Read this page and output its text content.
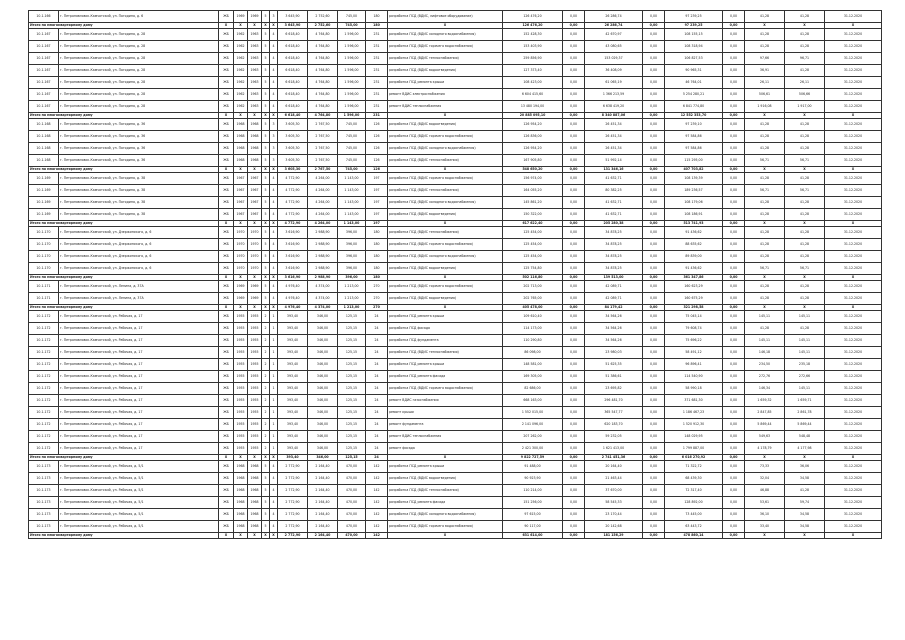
10.1.166	г. Петропавловск-Камчатский, ул. Погодина, д. 6	ЖБ	1969	1969	5	3	3 645,90	2 752,60	745,00	180	разработка ПСД (ВДИС, лифтовое оборудование)	126 476,20	0,00	26 286,74	0,00	97 239,25	0,00	41,28	41,28	31.12.2020
Итого по многоквартирному дому		X	X	X	X	X	3 645,90	2 752,60	745,00	180	X	126 476,20	0,00	26 286,74	0,00	97 239,25	0,00	X	X	X
10.1.167	г. Петропавловск-Камчатский, ул. Погодина, д. 28	ЖБ	1962	1963	5	4	6 618,40	4 764,80	1 596,00	231	разработка ПСД (ВДИС холодного водоснабжения)	152 428,30	0,00	42 670,97	0,00	108 155,15	0,00	41,28	41,28	31.12.2020
10.1.167	г. Петропавловск-Камчатский, ул. Погодина, д. 28	ЖБ	1962	1963	5	4	6 618,40	4 764,80	1 596,00	231	разработка ПСД (ВДИС горячего водоснабжения)	153 403,90	0,00	43 080,65	0,00	108 318,94	0,00	41,28	41,28	31.12.2020
10.1.167	г. Петропавловск-Камчатский, ул. Погодина, д. 28	ЖБ	1962	1963	5	4	6 618,40	4 764,80	1 596,00	231	разработка ПСД (ВДИС теплоснабжения)	259 856,90	0,00	153 029,37	0,00	106 827,53	0,00	97,66	96,71	31.12.2020
10.1.167	г. Петропавловск-Камчатский, ул. Погодина, д. 28	ЖБ	1962	1963	5	4	6 618,40	4 764,80	1 596,00	231	разработка ПСД (ВДИС водоотведения)	127 373,40	0,00	36 408,09	0,00	90 965,31	0,00	36,91	41,28	31.12.2020
10.1.167	г. Петропавловск-Камчатский, ул. Погодина, д. 28	ЖБ	1962	1963	5	4	6 618,40	4 764,80	1 596,00	231	разработка ПСД ремонта крыши	108 423,00	0,00	61 065,19	0,00	46 764,01	0,00	26,11	26,11	31.12.2020
10.1.167	г. Петропавловск-Камчатский, ул. Погодина, д. 28	ЖБ	1962	1963	5	4	6 618,40	4 764,80	1 596,00	231	ремонт ВДИС электроснабжения	6 604 415,60	0,00	1 366 213,59	0,00	5 254 280,21	0,00	506,61	506,66	31.12.2020
10.1.167	г. Петропавловск-Камчатский, ул. Погодина, д. 28	ЖБ	1962	1963	5	4	6 618,40	4 764,80	1 596,00	231	ремонт ВДИС теплоснабжения	13 480 194,00	0,00	6 638 419,20	0,00	6 841 774,80	0,00	1 916,08	1 917,00	31.12.2020
Итого по многоквартирному дому		X	X	X	X	X	6 618,40	4 764,80	1 596,00	231	X	20 885 095,10	0,00	8 340 887,06	0,00	12 552 353,70	0,00	X	X	X
10.1.168	г. Петропавловск-Камчатский, ул. Погодина, д. 36	ЖБ	1968	1968	5	3	3 605,30	2 767,50	745,00	126	разработка ПСД (ВДИС водоотведения)	126 954,20	0,00	26 451,34	0,00	97 239,10	0,00	41,28	41,28	31.12.2020
10.1.168	г. Петропавловск-Камчатский, ул. Погодина, д. 36	ЖБ	1968	1968	5	3	3 605,30	2 767,50	745,00	126	разработка ПСД (ВДИС горячего водоснабжения)	126 836,00	0,00	26 451,34	0,00	97 584,86	0,00	41,28	41,28	31.12.2020
10.1.168	г. Петропавловск-Камчатский, ул. Погодина, д. 36	ЖБ	1968	1968	5	3	3 605,30	2 767,50	745,00	126	разработка ПСД (ВДИС холодного водоснабжения)	126 954,20	0,00	26 451,34	0,00	97 584,86	0,00	41,28	41,28	31.12.2020
10.1.168	г. Петропавловск-Камчатский, ул. Погодина, д. 36	ЖБ	1968	1968	5	3	3 605,30	2 767,50	745,00	126	разработка ПСД (ВДИС теплоснабжения)	167 905,80	0,00	51 992,14	0,00	115 295,00	0,00	56,71	56,71	31.12.2020
Итого по многоквартирному дому		X	X	X	X	X	3 605,30	2 767,50	745,00	126	X	548 650,20	0,00	131 346,16	0,00	407 703,82	0,00	X	X	X
10.1.169	г. Петропавловск-Камчатский, ул. Погодина, д. 38	ЖБ	1967	1967	5	4	4 772,90	4 264,00	1 143,00	197	разработка ПСД (ВДИС горячего водоснабжения)	156 974,00	0,00	41 632,71	0,00	108 139,39	0,00	41,28	41,28	31.12.2020
10.1.169	г. Петропавловск-Камчатский, ул. Погодина, д. 38	ЖБ	1967	1967	5	4	4 772,90	4 264,00	1 143,00	197	разработка ПСД (ВДИС теплоснабжения)	164 055,20	0,00	80 382,25	0,00	189 236,57	0,00	56,71	56,71	31.12.2020
10.1.169	г. Петропавловск-Камчатский, ул. Погодина, д. 38	ЖБ	1967	1967	5	4	4 772,90	4 264,00	1 143,00	197	разработка ПСД (ВДИС холодного водоснабжения)	145 861,20	0,00	41 632,71	0,00	108 179,06	0,00	41,28	41,28	31.12.2020
10.1.169	г. Петропавловск-Камчатский, ул. Погодина, д. 38	ЖБ	1967	1967	5	4	4 772,90	4 264,00	1 143,00	197	разработка ПСД (ВДИС водоотведения)	150 322,00	0,00	41 632,71	0,00	108 186,91	0,00	41,28	41,28	31.12.2020
Итого по многоквартирному дому		X	X	X	X	X	4 772,90	4 264,00	1 143,00	197	X	617 622,40	0,00	205 280,38	0,00	513 741,93	0,00	X	X	X
10.1.170	г. Петропавловск-Камчатский, ул. Дзержинского, д. 6	ЖБ	1970	1970	5	4	3 616,90	2 988,90	396,00	180	разработка ПСД (ВДИС теплоснабжения)	125 454,00	0,00	34 878,25	0,00	91 436,62	0,00	41,28	41,28	31.12.2020
10.1.170	г. Петропавловск-Камчатский, ул. Дзержинского, д. 6	ЖБ	1970	1970	5	4	3 616,90	2 988,90	396,00	180	разработка ПСД (ВДИС горячего водоснабжения)	125 454,00	0,00	34 878,25	0,00	88 635,62	0,00	41,28	41,28	31.12.2020
10.1.170	г. Петропавловск-Камчатский, ул. Дзержинского, д. 6	ЖБ	1970	1970	5	4	3 616,90	2 988,90	396,00	180	разработка ПСД (ВДИС холодного водоснабжения)	125 454,00	0,00	34 878,25	0,00	89 839,00	0,00	41,28	41,28	31.12.2020
10.1.170	г. Петропавловск-Камчатский, ул. Дзержинского, д. 6	ЖБ	1970	1970	5	4	3 616,90	2 988,90	396,00	180	разработка ПСД (ВДИС водоотведения)	125 754,80	0,00	34 878,25	0,00	91 436,62	0,00	56,71	56,71	31.12.2020
Итого по многоквартирному дому		X	X	X	X	X	3 616,90	2 988,90	396,00	180	X	502 116,80	0,00	139 513,00	0,00	361 347,86	0,00	X	X	X
10.1.171	г. Петропавловск-Камчатский, ул. Ленина, д. 37А	ЖБ	1969	1969	5	4	4 976,40	4 374,00	1 213,00	270	разработка ПСД (ВДИС горячего водоснабжения)	202 713,00	0,00	42 089,71	0,00	160 623,29	0,00	41,28	41,28	31.12.2020
10.1.171	г. Петропавловск-Камчатский, ул. Ленина, д. 37А	ЖБ	1969	1969	5	4	4 976,40	4 374,00	1 213,00	270	разработка ПСД (ВДИС водоотведения)	202 765,00	0,00	42 089,71	0,00	160 675,29	0,00	41,28	41,28	31.12.2020
Итого по многоквартирному дому		X	X	X	X	X	4 976,40	4 374,00	1 213,00	270	X	405 478,00	0,00	84 179,42	0,00	321 298,58	0,00	X	X	X
10.1.172	г. Петропавловск-Камчатский, ул. Рабочая, д. 17	ЖБ	1955	1955	2	1	393,40	346,00	125,15	24	разработка ПСД ремонта крыши	109 610,40	0,00	34 564,26	0,00	75 045,14	0,00	145,11	145,11	31.12.2020
10.1.172	г. Петропавловск-Камчатский, ул. Рабочая, д. 17	ЖБ	1955	1955	2	1	393,40	346,00	125,15	24	разработка ПСД фасада	114 173,00	0,00	34 564,26	0,00	79 608,74	0,00	41,28	41,28	31.12.2020
10.1.172	г. Петропавловск-Камчатский, ул. Рабочая, д. 17	ЖБ	1955	1955	2	1	393,40	346,00	125,15	24	разработка ПСД фундамента	110 290,80	0,00	34 564,26	0,00	75 696,22	0,00	145,11	145,11	31.12.2020
10.1.172	г. Петропавловск-Камчатский, ул. Рабочая, д. 17	ЖБ	1955	1955	2	1	393,40	346,00	125,15	24	разработка ПСД (ВДИС теплоснабжения)	86 098,00	0,00	23 980,03	0,00	58 491,12	0,00	146,18	145,11	31.12.2020
10.1.172	г. Петропавловск-Камчатский, ул. Рабочая, д. 17	ЖБ	1955	1955	2	1	393,40	346,00	125,15	24	разработка ПСД ремонта крыши	148 581,00	0,00	51 625,35	0,00	96 896,41	0,00	234,50	235,18	31.12.2020
10.1.172	г. Петропавловск-Камчатский, ул. Рабочая, д. 17	ЖБ	1955	1955	2	1	393,40	346,00	125,15	24	разработка ПСД ремонта фасада	169 305,00	0,00	51 386,61	0,00	114 540,90	0,00	272,76	272,66	31.12.2020
10.1.172	г. Петропавловск-Камчатский, ул. Рабочая, д. 17	ЖБ	1955	1955	2	1	393,40	346,00	125,15	24	разработка ПСД (ВДИС горячего водоснабжения)	82 686,00	0,00	23 695,82	0,00	58 990,18	0,00	146,34	145,11	31.12.2020
10.1.172	г. Петропавловск-Камчатский, ул. Рабочая, д. 17	ЖБ	1955	1955	2	1	393,40	346,00	125,15	24	ремонт ВДИС газоснабжения	668 163,00	0,00	296 481,70	0,00	371 681,30	0,00	1 659,32	1 659,71	31.12.2020
10.1.172	г. Петропавловск-Камчатский, ул. Рабочая, д. 17	ЖБ	1955	1955	2	1	393,40	346,00	125,15	24	ремонт крыши	1 552 015,00	0,00	365 547,77	0,00	1 186 467,23	0,00	2 847,85	2 861,78	31.12.2020
10.1.172	г. Петропавловск-Камчатский, ул. Рабочая, д. 17	ЖБ	1955	1955	2	1	393,40	346,00	125,15	24	ремонт фундамента	2 141 096,00	0,00	620 183,70	0,00	1 520 912,30	0,00	5 869,44	5 869,44	31.12.2020
10.1.172	г. Петропавловск-Камчатский, ул. Рабочая, д. 17	ЖБ	1955	1955	2	1	393,40	346,00	125,15	24	ремонт ВДИС теплоснабжения	207 262,00	0,00	59 232,05	0,00	148 029,95	0,00	549,63	548,48	31.12.2020
10.1.172	г. Петропавловск-Камчатский, ул. Рабочая, д. 17	ЖБ	1955	1955	2	1	393,40	346,00	125,15	24	ремонт фасада	2 421 300,00	0,00	1 621 413,00	0,00	1 799 887,00	0,00	4 178,79	4 177,98	31.12.2020
Итого по многоквартирному дому		X	X	X	X	X	393,40	346,00	125,15	24	X	9 822 727,59	0,00	2 741 451,36	0,00	6 016 270,92	0,00	X	X	X
10.1.173	г. Петропавловск-Камчатский, ул. Рабочая, д. 5/1	ЖБ	1968	1968	5	4	2 772,90	2 164,40	470,00	142	разработка ПСД ремонта крыши	91 488,00	0,00	20 164,40	0,00	71 322,72	0,00	73,33	36,06	31.12.2020
10.1.173	г. Петропавловск-Камчатский, ул. Рабочая, д. 5/1	ЖБ	1968	1968	5	4	2 772,90	2 164,40	470,00	142	разработка ПСД (ВДИС водоотведения)	90 923,90	0,00	21 463,44	0,00	68 439,30	0,00	32,04	34,58	31.12.2020
10.1.173	г. Петропавловск-Камчатский, ул. Рабочая, д. 5/1	ЖБ	1968	1968	5	4	2 772,90	2 164,40	470,00	142	разработка ПСД (ВДИС теплоснабжения)	110 214,00	0,00	37 670,00	0,00	72 317,40	0,00	46,88	41,28	31.12.2020
10.1.173	г. Петропавловск-Камчатский, ул. Рабочая, д. 5/1	ЖБ	1968	1968	5	4	2 772,90	2 164,40	470,00	142	разработка ПСД ремонта фасада	151 256,00	0,00	58 545,33	0,00	128 892,00	0,00	53,61	59,74	31.12.2020
10.1.173	г. Петропавловск-Камчатский, ул. Рабочая, д. 5/1	ЖБ	1968	1968	5	4	2 772,90	2 164,40	470,00	142	разработка ПСД (ВДИС холодного водоснабжения)	97 615,00	0,00	23 170,44	0,00	73 445,00	0,00	36,10	34,58	31.12.2020
10.1.173	г. Петропавловск-Камчатский, ул. Рабочая, д. 5/1	ЖБ	1968	1968	5	4	2 772,90	2 164,40	470,00	142	разработка ПСД (ВДИС горячего водоснабжения)	90 117,00	0,00	20 142,68	0,00	63 443,72	0,00	33,40	34,58	31.12.2020
Итого по многоквартирному дому		X	X	X	X	X	2 772,90	2 164,40	470,00	142	X	631 614,00	0,00	181 156,29	0,00	478 860,14	0,00	X	X	X
